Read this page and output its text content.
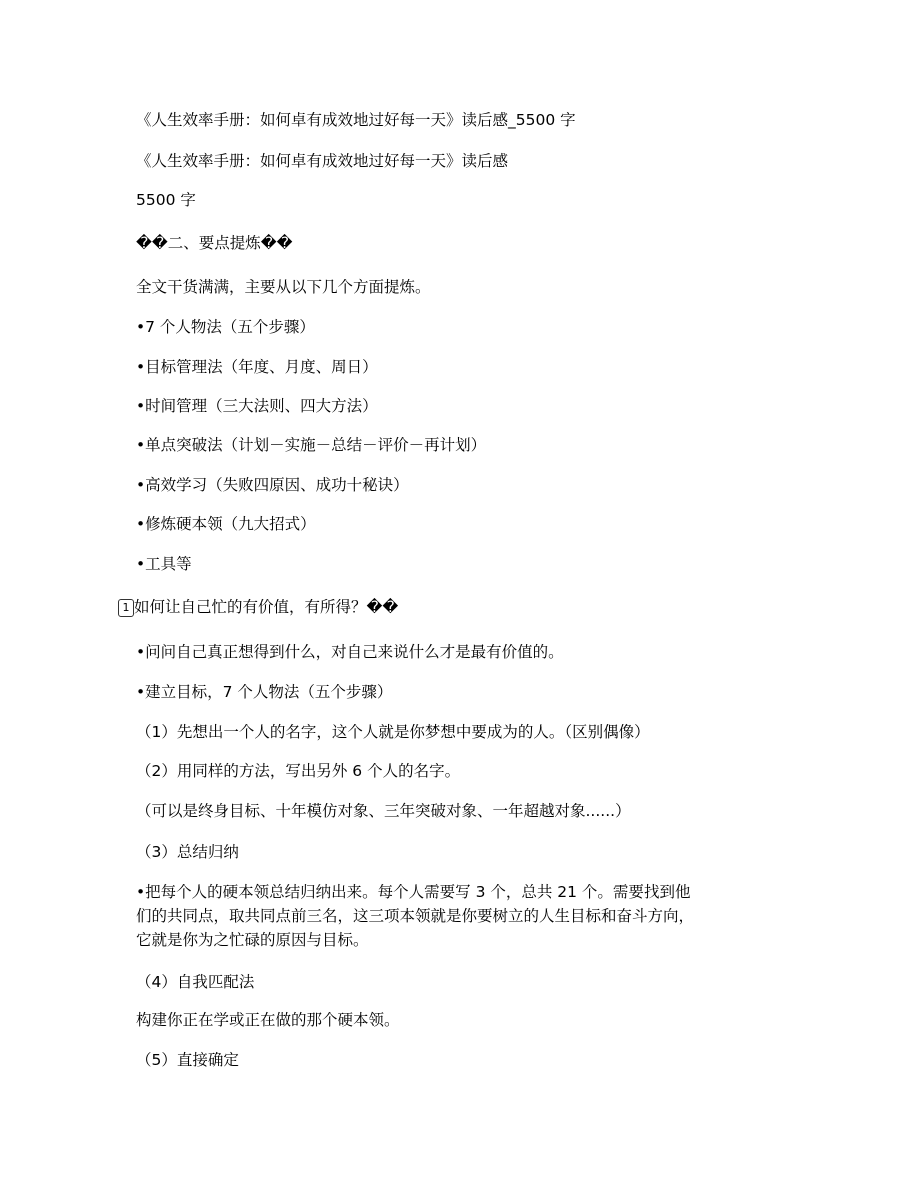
《人生效率手册：如何卓有成效地过好每一天》读后感_5500 字
《人生效率手册：如何卓有成效地过好每一天》读后感
5500 字
��二、要点提炼��
全文干货满满，主要从以下几个方面提炼。
•7 个人物法（五个步骤）
•目标管理法（年度、月度、周日）
•时间管理（三大法则、四大方法）
•单点突破法（计划－实施－总结－评价－再计划）
•高效学习（失败四原因、成功十秘诀）
•修炼硬本领（九大招式）
•工具等
1 如何让自己忙的有价值，有所得？��
•问问自己真正想得到什么，对自己来说什么才是最有价值的。
•建立目标，7 个人物法（五个步骤）
（1）先想出一个人的名字，这个人就是你梦想中要成为的人。（区别偶像）
（2）用同样的方法，写出另外 6 个人的名字。
（可以是终身目标、十年模仿对象、三年突破对象、一年超越对象......）
（3）总结归纳
•把每个人的硬本领总结归纳出来。每个人需要写 3 个，总共 21 个。需要找到他们的共同点，取共同点前三名，这三项本领就是你要树立的人生目标和奋斗方向，它就是你为之忙碌的原因与目标。
（4）自我匹配法
构建你正在学或正在做的那个硬本领。
（5）直接确定
